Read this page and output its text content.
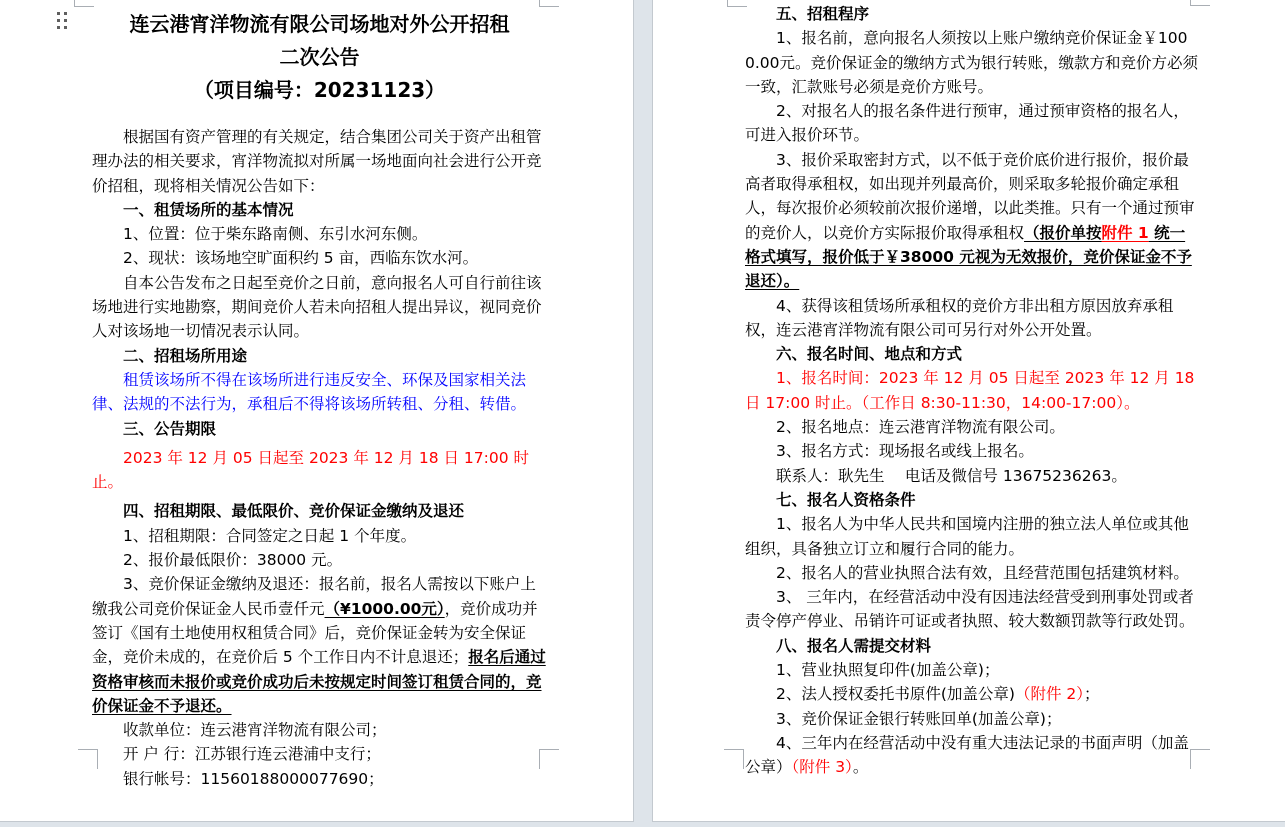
连云港宵洋物流有限公司场地对外公开招租
二次公告
（项目编号：20231123）

根据国有资产管理的有关规定，结合集团公司关于资产出租管理办法的相关要求，宵洋物流拟对所属一场地面向社会进行公开竞价招租，现将相关情况公告如下：

一、租赁场所的基本情况

1、位置：位于柴东路南侧、东引水河东侧。

2、现状：该场地空旷面积约 5 亩，西临东饮水河。

自本公告发布之日起至竞价之日前，意向报名人可自行前往该场地进行实地勘察，期间竞价人若未向招租人提出异议，视同竞价人对该场地一切情况表示认同。

二、招租场所用途

租赁该场所不得在该场所进行违反安全、环保及国家相关法律、法规的不法行为，承租后不得将该场所转租、分租、转借。

三、公告期限

2023 年 12 月 05 日起至 2023 年 12 月 18 日 17:00 时止。

四、招租期限、最低限价、竞价保证金缴纳及退还

1、招租期限：合同签定之日起 1 个年度。

2、报价最低限价：38000 元。

3、竞价保证金缴纳及退还：报名前，报名人需按以下账户上缴我公司竞价保证金人民币壹仟元（¥1000.00元），竞价成功并签订《国有土地使用权租赁合同》后，竞价保证金转为安全保证金，竞价未成的，在竞价后 5 个工作日内不计息退还；报名后通过资格审核而未报价或竞价成功后未按规定时间签订租赁合同的，竞价保证金不予退还。

收款单位：连云港宵洋物流有限公司；

开 户 行：江苏银行连云港浦中支行；

银行帐号：11560188000077690；

五、招租程序

1、报名前，意向报名人须按以上账户缴纳竞价保证金￥1000.00元。竞价保证金的缴纳方式为银行转账，缴款方和竞价方必须一致，汇款账号必须是竞价方账号。

2、对报名人的报名条件进行预审，通过预审资格的报名人，可进入报价环节。

3、报价采取密封方式，以不低于竞价底价进行报价，报价最高者取得承租权，如出现并列最高价，则采取多轮报价确定承租人，每次报价必须较前次报价递增，以此类推。只有一个通过预审的竞价人，以竞价方实际报价取得承租权（报价单按附件 1 统一格式填写，报价低于￥38000 元视为无效报价，竞价保证金不予退还）。

4、获得该租赁场所承租权的竞价方非出租方原因放弃承租权，连云港宵洋物流有限公司可另行对外公开处置。

六、报名时间、地点和方式

1、报名时间：2023 年 12 月 05 日起至 2023 年 12 月 18 日 17:00 时止。（工作日 8:30-11:30，14:00-17:00）。

2、报名地点：连云港宵洋物流有限公司。

3、报名方式：现场报名或线上报名。

联系人：耿先生　 电话及微信号 13675236263。

七、报名人资格条件

1、报名人为中华人民共和国境内注册的独立法人单位或其他组织，具备独立订立和履行合同的能力。

2、报名人的营业执照合法有效，且经营范围包括建筑材料。

3、 三年内，在经营活动中没有因违法经营受到刑事处罚或者责令停产停业、吊销许可证或者执照、较大数额罚款等行政处罚。

八、报名人需提交材料

1、营业执照复印件(加盖公章)；

2、法人授权委托书原件(加盖公章)（附件 2）；

3、竞价保证金银行转账回单(加盖公章)；

4、三年内在经营活动中没有重大违法记录的书面声明（加盖公章）（附件 3）。
